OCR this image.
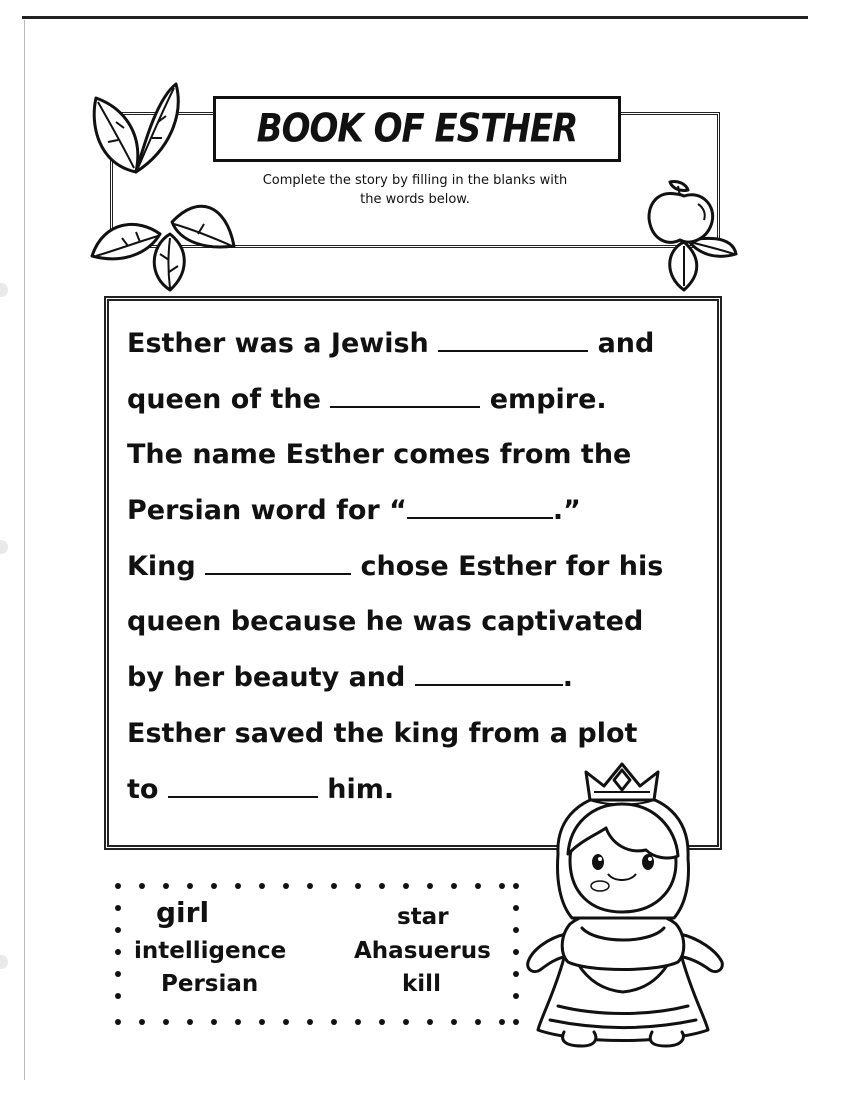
BOOK OF ESTHER
Complete the story by filling in the blanks with
the words below.
Esther was a Jewish	and
queen of the	empire.
The name Esther comes from the
Persian word for “	.”
King	chose Esther for his
queen because he was captivated
by her beauty and	.
Esther saved the king from a plot
to	him.
girl
intelligence
Persian
star
Ahasuerus
kill
